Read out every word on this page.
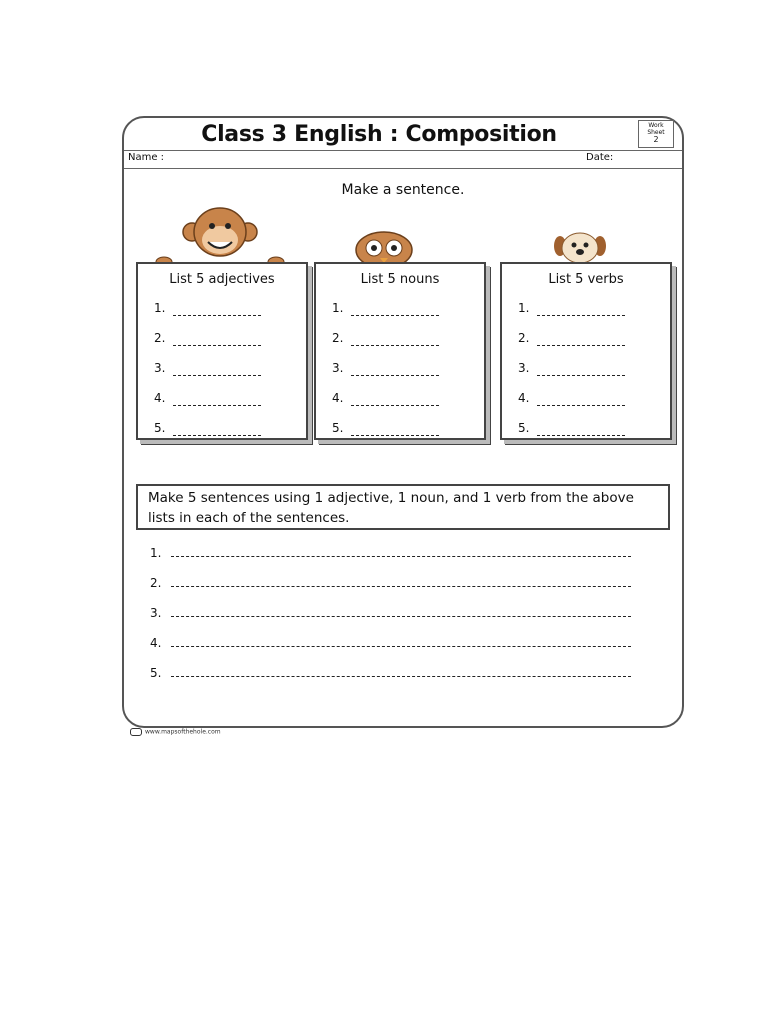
Class 3 English : Composition	Work Sheet
2
Name :	Date:
Make a sentence.
List 5 adjectives
1.
2.
3.
4.
5.
List 5 nouns
1.
2.
3.
4.
5.
List 5 verbs
1.
2.
3.
4.
5.
Make 5 sentences using 1 adjective, 1 noun, and 1 verb from the above lists in each of the sentences.
1.
2.
3.
4.
5.
www.mapsofthehole.com
